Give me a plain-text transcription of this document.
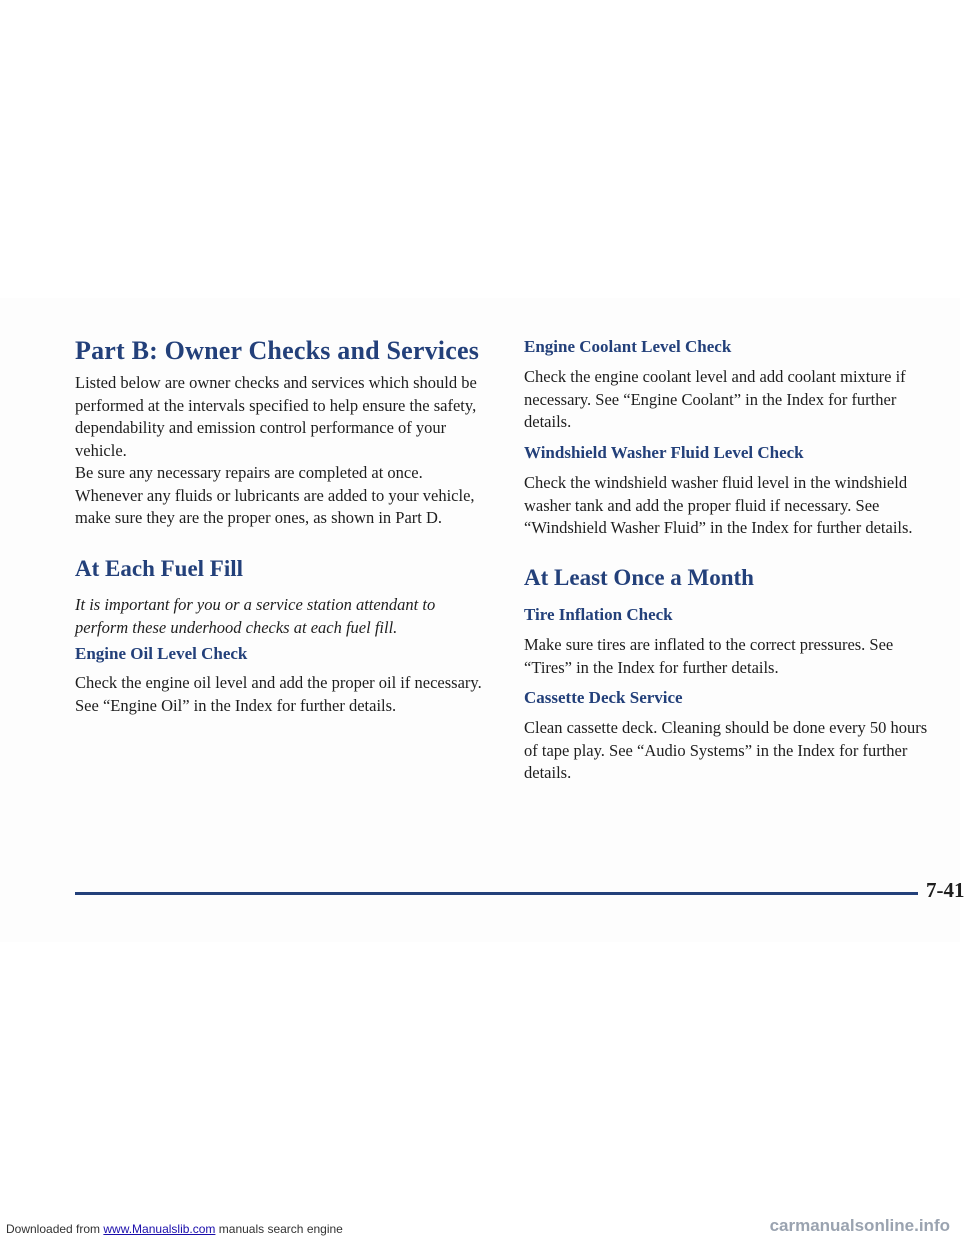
Part B: Owner Checks and Services

Listed below are owner checks and services which should be performed at the intervals specified to help ensure the safety, dependability and emission control performance of your vehicle.

Be sure any necessary repairs are completed at once. Whenever any fluids or lubricants are added to your vehicle, make sure they are the proper ones, as shown in Part D.

At Each Fuel Fill

It is important for you or a service station attendant to perform these underhood checks at each fuel fill.

Engine Oil Level Check

Check the engine oil level and add the proper oil if necessary. See “Engine Oil” in the Index for further details.

Engine Coolant Level Check

Check the engine coolant level and add coolant mixture if necessary. See “Engine Coolant” in the Index for further details.

Windshield Washer Fluid Level Check

Check the windshield washer fluid level in the windshield washer tank and add the proper fluid if necessary. See “Windshield Washer Fluid” in the Index for further details.

At Least Once a Month
Tire Inflation Check

Make sure tires are inflated to the correct pressures. See “Tires” in the Index for further details.

Cassette Deck Service

Clean cassette deck. Cleaning should be done every 50 hours of tape play. See “Audio Systems” in the Index for further details.

7-41
Downloaded from www.Manualslib.com manuals search engine	carmanualsonline.info
